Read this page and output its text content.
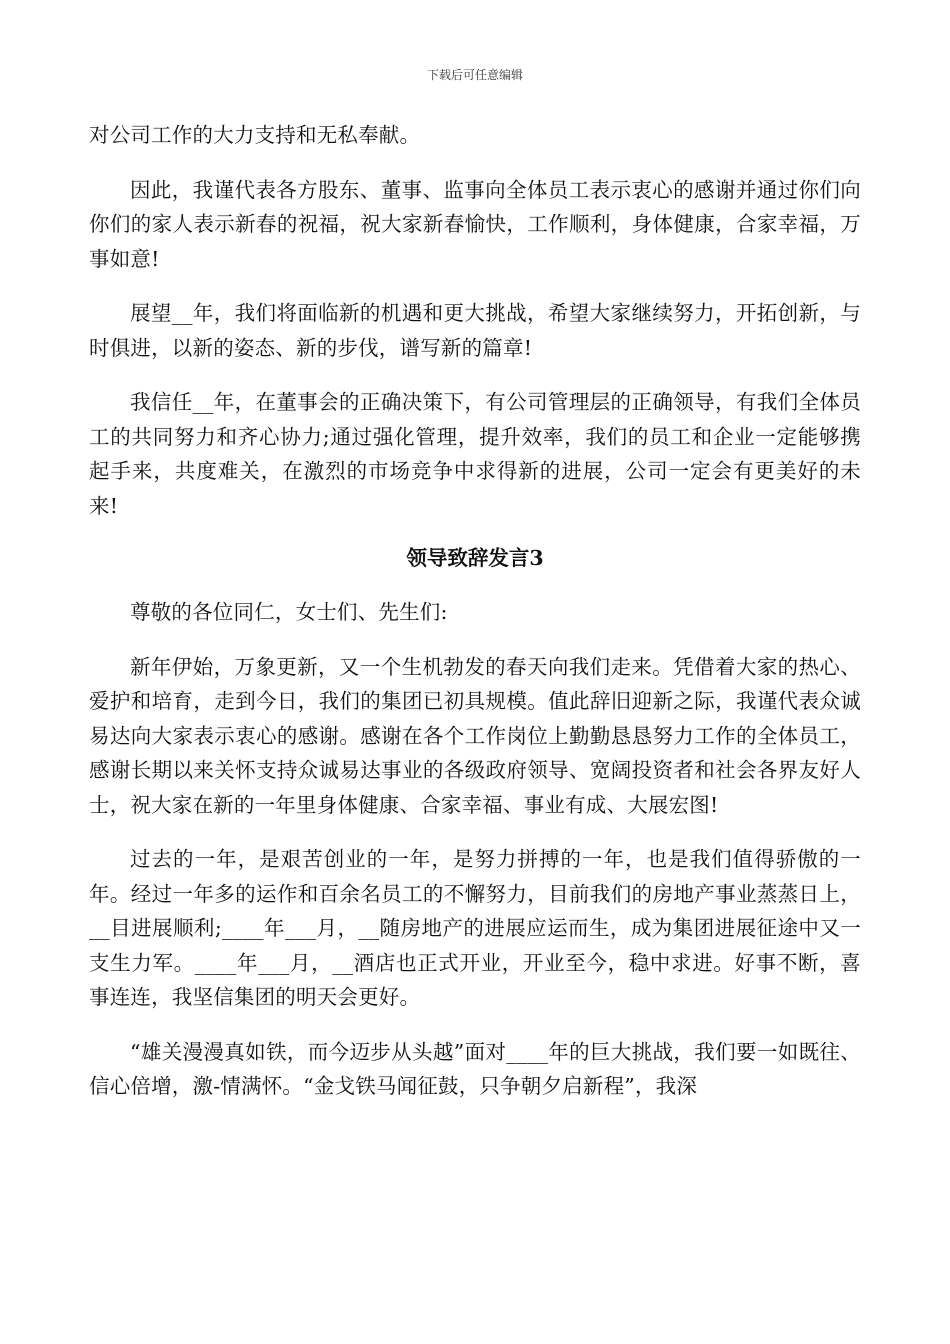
下载后可任意编辑

对公司工作的大力支持和无私奉献。

因此，我谨代表各方股东、董事、监事向全体员工表示衷心的感谢并通过你们向你们的家人表示新春的祝福，祝大家新春愉快，工作顺利，身体健康，合家幸福，万事如意!

展望__年，我们将面临新的机遇和更大挑战，希望大家继续努力，开拓创新，与时俱进，以新的姿态、新的步伐，谱写新的篇章!

我信任__年，在董事会的正确决策下，有公司管理层的正确领导，有我们全体员工的共同努力和齐心协力;通过强化管理，提升效率，我们的员工和企业一定能够携起手来，共度难关，在激烈的市场竞争中求得新的进展，公司一定会有更美好的未来!

领导致辞发言3

尊敬的各位同仁，女士们、先生们:

新年伊始，万象更新，又一个生机勃发的春天向我们走来。凭借着大家的热心、爱护和培育，走到今日，我们的集团已初具规模。值此辞旧迎新之际，我谨代表众诚易达向大家表示衷心的感谢。感谢在各个工作岗位上勤勤恳恳努力工作的全体员工，感谢长期以来关怀支持众诚易达事业的各级政府领导、宽阔投资者和社会各界友好人士，祝大家在新的一年里身体健康、合家幸福、事业有成、大展宏图!

过去的一年，是艰苦创业的一年，是努力拼搏的一年，也是我们值得骄傲的一年。经过一年多的运作和百余名员工的不懈努力，目前我们的房地产事业蒸蒸日上，__目进展顺利;____年___月，__随房地产的进展应运而生，成为集团进展征途中又一支生力军。____年___月，__酒店也正式开业，开业至今，稳中求进。好事不断，喜事连连，我坚信集团的明天会更好。

“雄关漫漫真如铁，而今迈步从头越”面对____年的巨大挑战，我们要一如既往、信心倍增，激-情满怀。“金戈铁马闻征鼓，只争朝夕启新程”，我深
